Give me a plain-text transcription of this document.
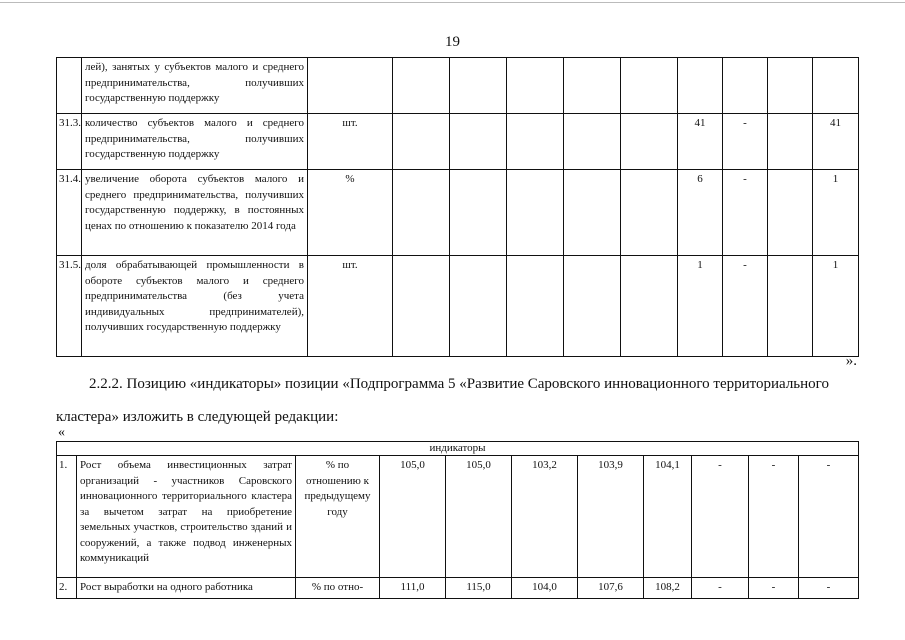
19
	лей), занятых у субъектов малого и среднего предпринимательства, получивших государственную поддержку										
31.3.	количество субъектов малого и среднего предпринимательства, получивших государственную поддержку	шт.						41	-		41
31.4.	увеличение оборота субъектов малого и среднего предпринимательства, получивших государственную поддержку, в постоянных ценах по отношению к показателю 2014 года	%						6	-		1
31.5.	доля обрабатывающей промышленности в обороте субъектов малого и среднего предпринимательства (без учета индивидуальных предпринимателей), получивших государственную поддержку	шт.						1	-		1
».
2.2.2. Позицию «индикаторы» позиции «Подпрограмма 5 «Развитие Саровского инновационного территориального
кластера» изложить в следующей редакции:
«
индикаторы										
1.	Рост объема инвестиционных затрат организаций - участников Саровского инновационного территориального кластера за вычетом затрат на приобретение земельных участков, строительство зданий и сооружений, а также подвод инженерных коммуникаций	% по отношению к предыдущему году	105,0	105,0	103,2	103,9	104,1	-	-	-
2.	Рост выработки на одного работника	% по отно-	111,0	115,0	104,0	107,6	108,2	-	-	-
